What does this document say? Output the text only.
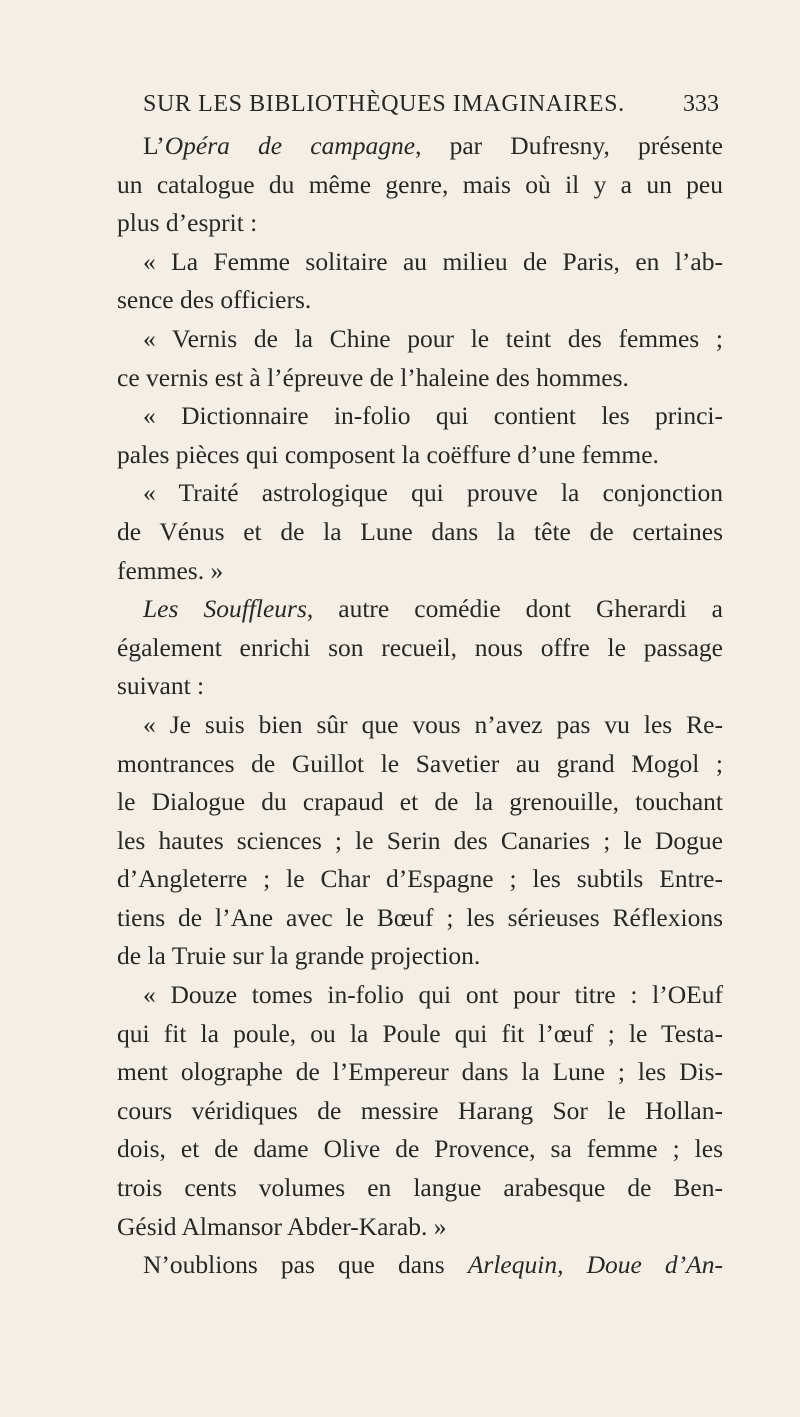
SUR LES BIBLIOTHÈQUES IMAGINAIRES. 333
L’Opéra de campagne, par Dufresny, présente
un catalogue du même genre, mais où il y a un peu
plus d’esprit :
« La Femme solitaire au milieu de Paris, en l’ab-
sence des officiers.
« Vernis de la Chine pour le teint des femmes ;
ce vernis est à l’épreuve de l’haleine des hommes.
« Dictionnaire in-folio qui contient les princi-
pales pièces qui composent la coëffure d’une femme.
« Traité astrologique qui prouve la conjonction
de Vénus et de la Lune dans la tête de certaines
femmes. »
Les Souffleurs, autre comédie dont Gherardi a
également enrichi son recueil, nous offre le passage
suivant :
« Je suis bien sûr que vous n’avez pas vu les Re-
montrances de Guillot le Savetier au grand Mogol ;
le Dialogue du crapaud et de la grenouille, touchant
les hautes sciences ; le Serin des Canaries ; le Dogue
d’Angleterre ; le Char d’Espagne ; les subtils Entre-
tiens de l’Ane avec le Bœuf ; les sérieuses Réflexions
de la Truie sur la grande projection.
« Douze tomes in-folio qui ont pour titre : l’OEuf
qui fit la poule, ou la Poule qui fit l’œuf ; le Testa-
ment olographe de l’Empereur dans la Lune ; les Dis-
cours véridiques de messire Harang Sor le Hollan-
dois, et de dame Olive de Provence, sa femme ; les
trois cents volumes en langue arabesque de Ben-
Gésid Almansor Abder-Karab. »
N’oublions pas que dans Arlequin, Doue d’An-
